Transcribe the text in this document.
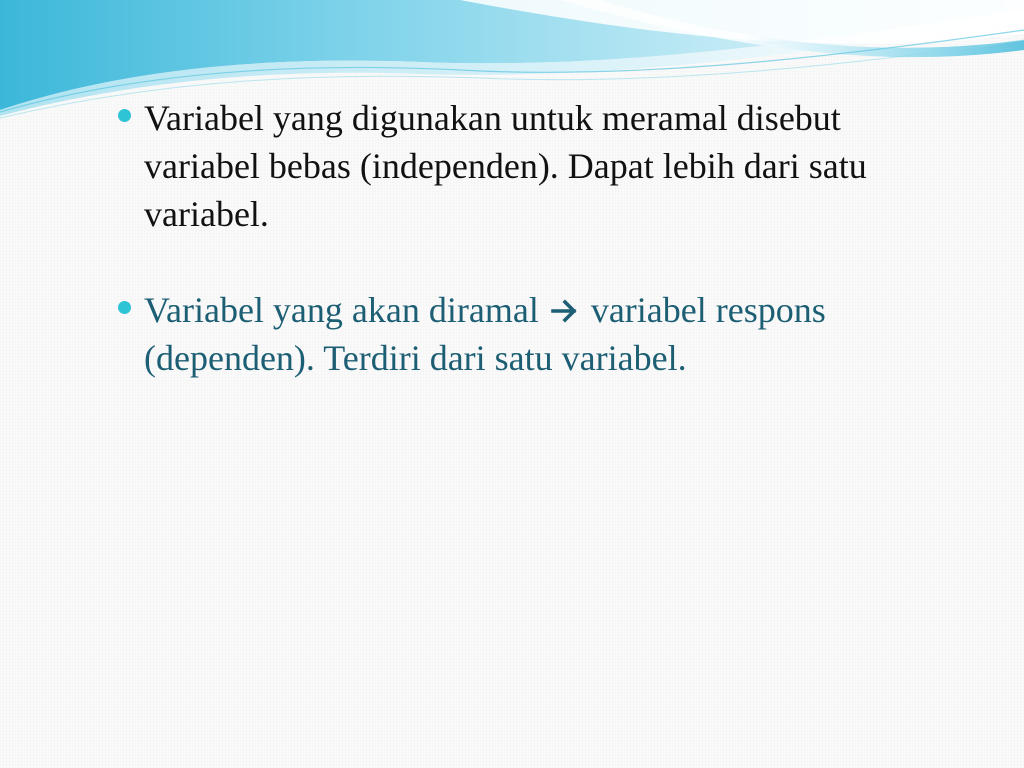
Variabel yang digunakan untuk meramal disebut variabel bebas (independen). Dapat lebih dari satu variabel.
Variabel yang akan diramal variabel respons (dependen). Terdiri dari satu variabel.
